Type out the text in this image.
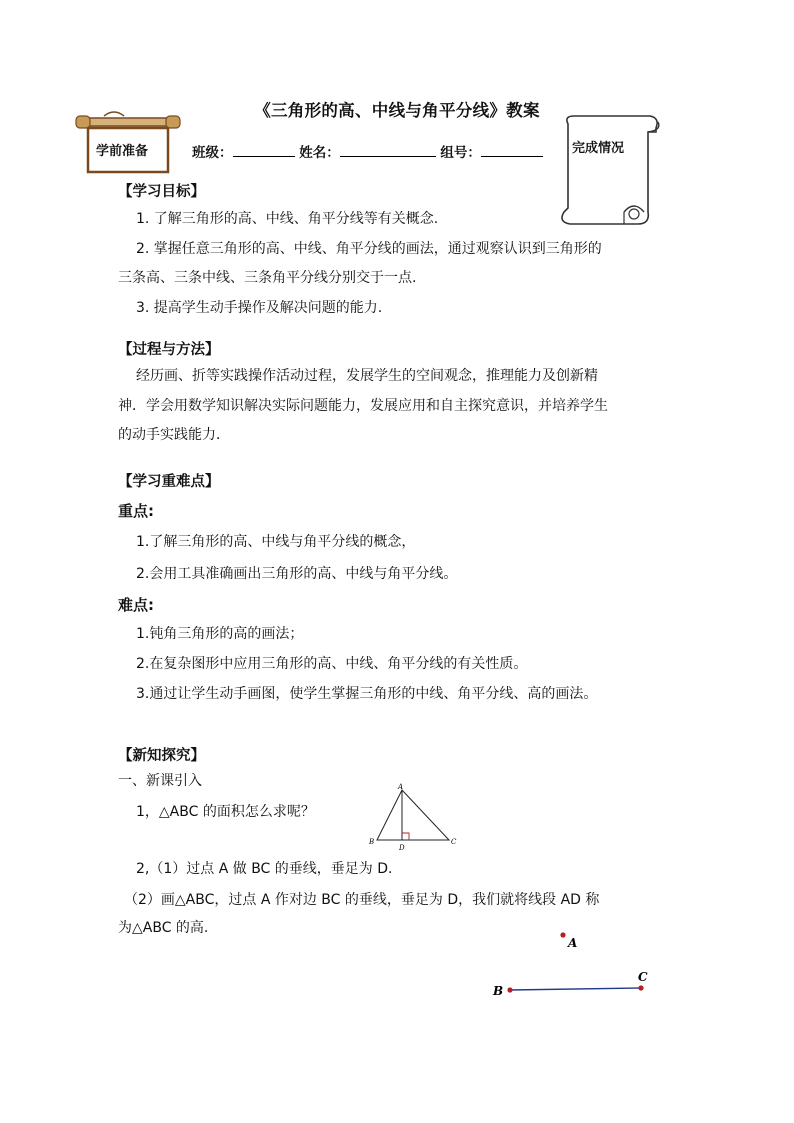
《三角形的高、中线与角平分线》教案
学前准备	班级：	姓名：	组号：	完成情况
【学习目标】
1. 了解三角形的高、中线、角平分线等有关概念.
2. 掌握任意三角形的高、中线、角平分线的画法，通过观察认识到三角形的
三条高、三条中线、三条角平分线分别交于一点.
3. 提高学生动手操作及解决问题的能力.
【过程与方法】
经历画、折等实践操作活动过程，发展学生的空间观念，推理能力及创新精
神．学会用数学知识解决实际问题能力，发展应用和自主探究意识，并培养学生
的动手实践能力．
【学习重难点】
重点:
1.了解三角形的高、中线与角平分线的概念，
2.会用工具准确画出三角形的高、中线与角平分线。
难点:
1.钝角三角形的高的画法；
2.在复杂图形中应用三角形的高、中线、角平分线的有关性质。
3.通过让学生动手画图，使学生掌握三角形的中线、角平分线、高的画法。
【新知探究】
一、新课引入
1，△ABC 的面积怎么求呢？
A
B	C
D
2,（1）过点 A 做 BC 的垂线，垂足为 D.
（2）画△ABC，过点 A 作对边 BC 的垂线，垂足为 D，我们就将线段 AD 称
为△ABC 的高.
A
B
C
